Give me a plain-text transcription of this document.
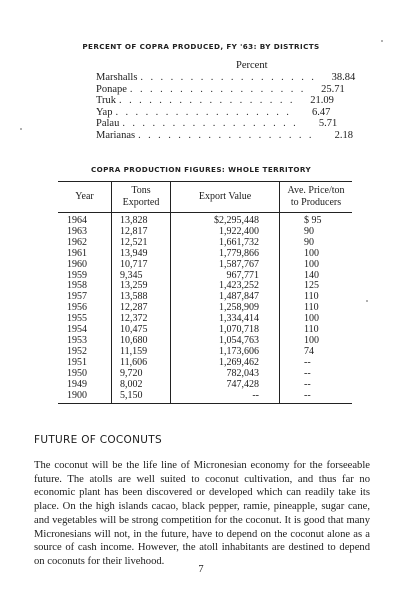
PERCENT OF COPRA PRODUCED, FY '63: BY DISTRICTS
Percent
Marshalls . . . . . . . . . . . . . . . . . .	38.84
Ponape . . . . . . . . . . . . . . . . . .	25.71
Truk . . . . . . . . . . . . . . . . . .	21.09
Yap . . . . . . . . . . . . . . . . . .	6.47
Palau . . . . . . . . . . . . . . . . . .	5.71
Marianas . . . . . . . . . . . . . . . . . .	2.18
COPRA PRODUCTION FIGURES: WHOLE TERRITORY
Year	Tons Exported	Export Value	Ave. Price/ton to Producers
1964	13,828	$2,295,448	$ 95
1963	12,817	1,922,400	90
1962	12,521	1,661,732	90
1961	13,949	1,779,866	100
1960	10,717	1,587,767	100
1959	9,345	967,771	140
1958	13,259	1,423,252	125
1957	13,588	1,487,847	110
1956	12,287	1,258,909	110
1955	12,372	1,334,414	100
1954	10,475	1,070,718	110
1953	10,680	1,054,763	100
1952	11,159	1,173,606	74
1951	11,606	1,269,462	--
1950	9,720	782,043	--
1949	8,002	747,428	--
1900	5,150	--	--
FUTURE OF COCONUTS
The coconut will be the life line of Micronesian economy for the forseeable future. The atolls are well suited to coconut cultivation, and thus far no economic plant has been discovered or developed which can readily take its place. On the high islands cacao, black pepper, ramie, pineapple, sugar cane, and vegetables will be strong competition for the coconut. It is good that many Micronesians will not, in the future, have to depend on the coconut alone as a source of cash income. However, the atoll inhabitants are destined to depend on coconuts for their livehood.
7
